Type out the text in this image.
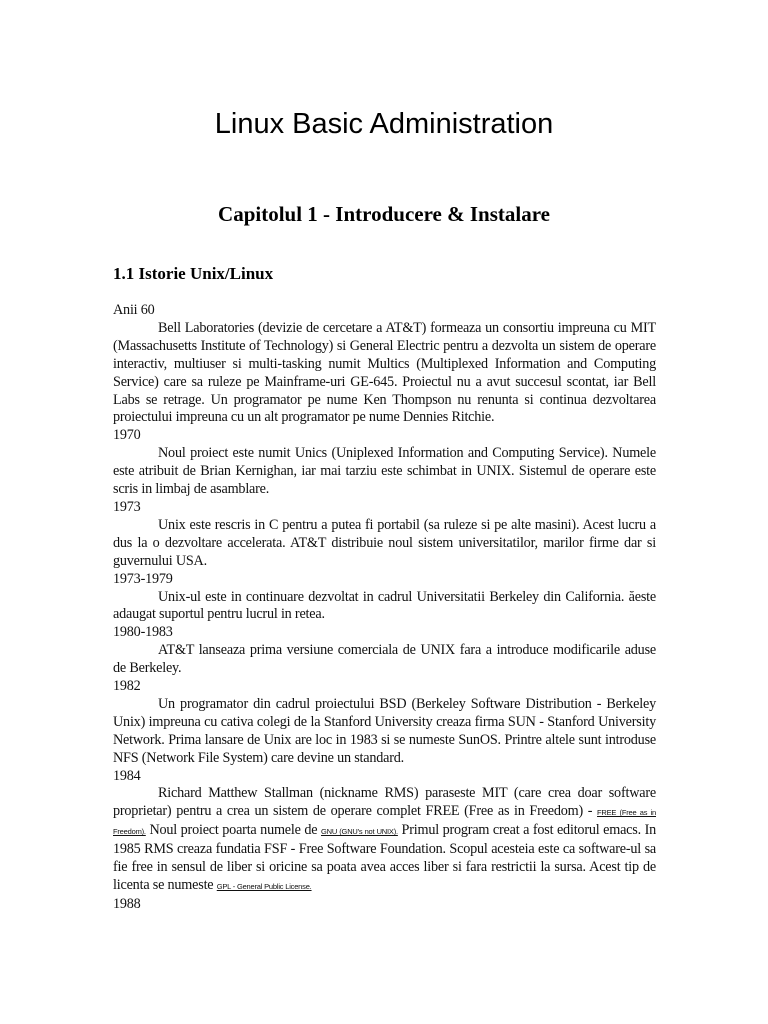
Linux Basic Administration
Capitolul 1 - Introducere & Instalare
1.1 Istorie Unix/Linux

Anii 60

Bell Laboratories (devizie de cercetare a AT&T) formeaza un consortiu impreuna cu MIT (Massachusetts Institute of Technology) si General Electric pentru a dezvolta un sistem de operare interactiv, multiuser si multi-tasking numit Multics (Multiplexed Information and Computing Service) care sa ruleze pe Mainframe-uri GE-645. Proiectul nu a avut succesul scontat, iar Bell Labs se retrage. Un programator pe nume Ken Thompson nu renunta si continua dezvoltarea proiectului impreuna cu un alt programator pe nume Dennies Ritchie.

1970

Noul proiect este numit Unics (Uniplexed Information and Computing Service). Numele este atribuit de Brian Kernighan, iar mai tarziu este schimbat in UNIX. Sistemul de operare este scris in limbaj de asamblare.

1973

Unix este rescris in C pentru a putea fi portabil (sa ruleze si pe alte masini). Acest lucru a dus la o dezvoltare accelerata. AT&T distribuie noul sistem universitatilor, marilor firme dar si guvernului USA.

1973-1979

Unix-ul este in continuare dezvoltat in cadrul Universitatii Berkeley din California. ăeste adaugat suportul pentru lucrul in retea.

1980-1983

AT&T lanseaza prima versiune comerciala de UNIX fara a introduce modificarile aduse de Berkeley.

1982

Un programator din cadrul proiectului BSD (Berkeley Software Distribution - Berkeley Unix) impreuna cu cativa colegi de la Stanford University creaza firma SUN - Stanford University Network. Prima lansare de Unix are loc in 1983 si se numeste SunOS. Printre altele sunt introduse NFS (Network File System) care devine un standard.

1984

Richard Matthew Stallman (nickname RMS) paraseste MIT (care crea doar software proprietar) pentru a crea un sistem de operare complet FREE (Free as in Freedom) - FREE (Free as in Freedom). Noul proiect poarta numele de GNU (GNU's not UNIX). Primul program creat a fost editorul emacs. In 1985 RMS creaza fundatia FSF - Free Software Foundation. Scopul acesteia este ca software-ul sa fie free in sensul de liber si oricine sa poata avea acces liber si fara restrictii la sursa. Acest tip de licenta se numeste GPL - General Public License.

1988
